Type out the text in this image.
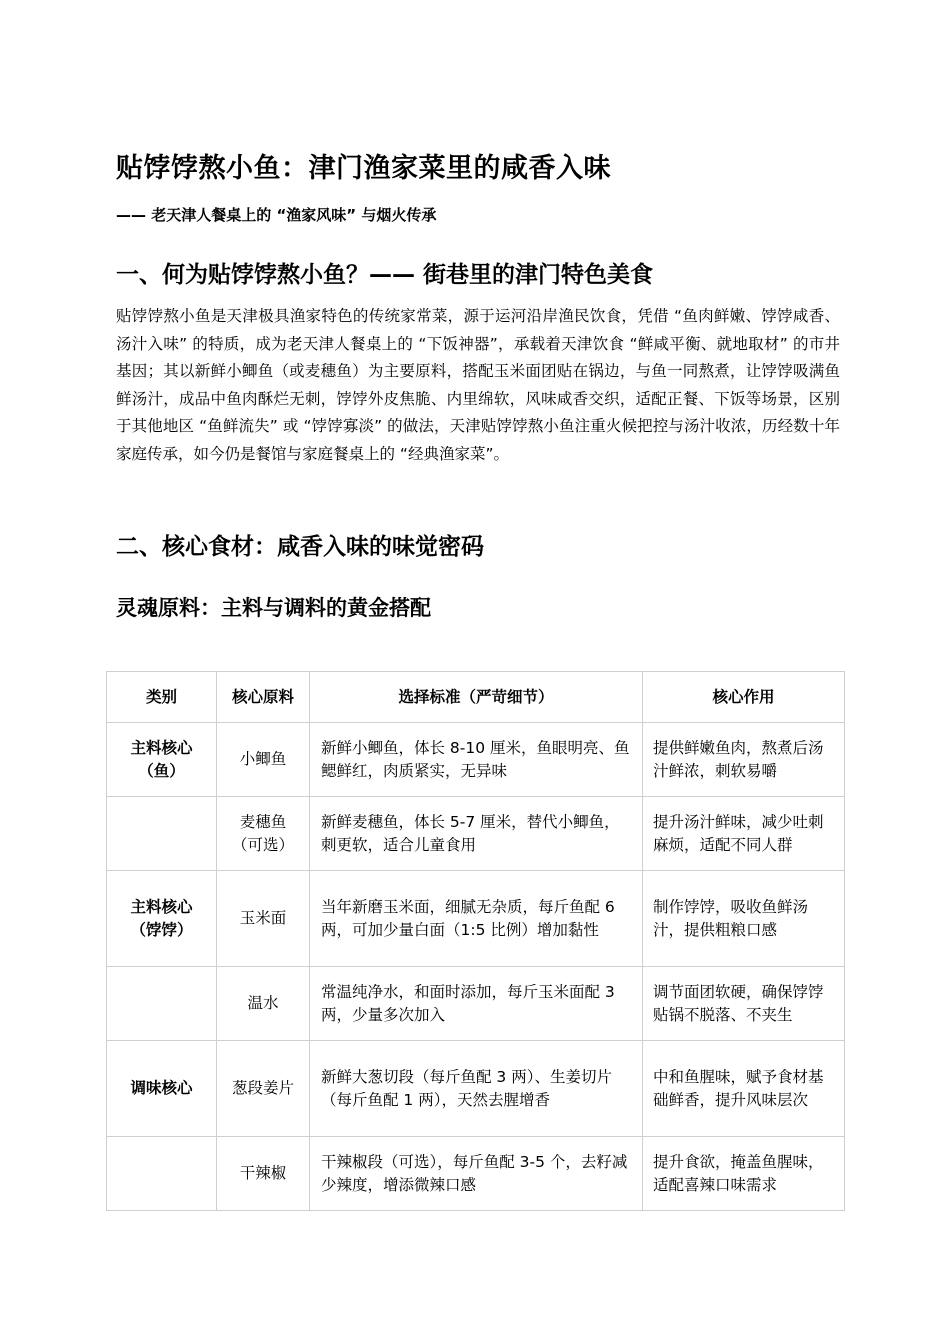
贴饽饽熬小鱼：津门渔家菜里的咸香入味

—— 老天津人餐桌上的 “渔家风味” 与烟火传承

一、何为贴饽饽熬小鱼？—— 街巷里的津门特色美食

贴饽饽熬小鱼是天津极具渔家特色的传统家常菜，源于运河沿岸渔民饮食，凭借 “鱼肉鲜嫩、饽饽咸香、汤汁入味” 的特质，成为老天津人餐桌上的 “下饭神器”，承载着天津饮食 “鲜咸平衡、就地取材” 的市井基因；其以新鲜小鲫鱼（或麦穗鱼）为主要原料，搭配玉米面团贴在锅边，与鱼一同熬煮，让饽饽吸满鱼鲜汤汁，成品中鱼肉酥烂无刺，饽饽外皮焦脆、内里绵软，风味咸香交织，适配正餐、下饭等场景，区别于其他地区 “鱼鲜流失” 或 “饽饽寡淡” 的做法，天津贴饽饽熬小鱼注重火候把控与汤汁收浓，历经数十年家庭传承，如今仍是餐馆与家庭餐桌上的 “经典渔家菜”。

二、核心食材：咸香入味的味觉密码
灵魂原料：主料与调料的黄金搭配
类别	核心原料	选择标准（严苛细节）	核心作用
主料核心（鱼）	小鲫鱼	新鲜小鲫鱼，体长 8-10 厘米，鱼眼明亮、鱼鳃鲜红，肉质紧实，无异味	提供鲜嫩鱼肉，熬煮后汤汁鲜浓，刺软易嚼
	麦穗鱼（可选）	新鲜麦穗鱼，体长 5-7 厘米，替代小鲫鱼，刺更软，适合儿童食用	提升汤汁鲜味，减少吐刺麻烦，适配不同人群
主料核心（饽饽）	玉米面	当年新磨玉米面，细腻无杂质，每斤鱼配 6 两，可加少量白面（1:5 比例）增加黏性	制作饽饽，吸收鱼鲜汤汁，提供粗粮口感
	温水	常温纯净水，和面时添加，每斤玉米面配 3 两，少量多次加入	调节面团软硬，确保饽饽贴锅不脱落、不夹生
调味核心	葱段姜片	新鲜大葱切段（每斤鱼配 3 两）、生姜切片（每斤鱼配 1 两），天然去腥增香	中和鱼腥味，赋予食材基础鲜香，提升风味层次
	干辣椒	干辣椒段（可选），每斤鱼配 3-5 个，去籽减少辣度，增添微辣口感	提升食欲，掩盖鱼腥味，适配喜辣口味需求
